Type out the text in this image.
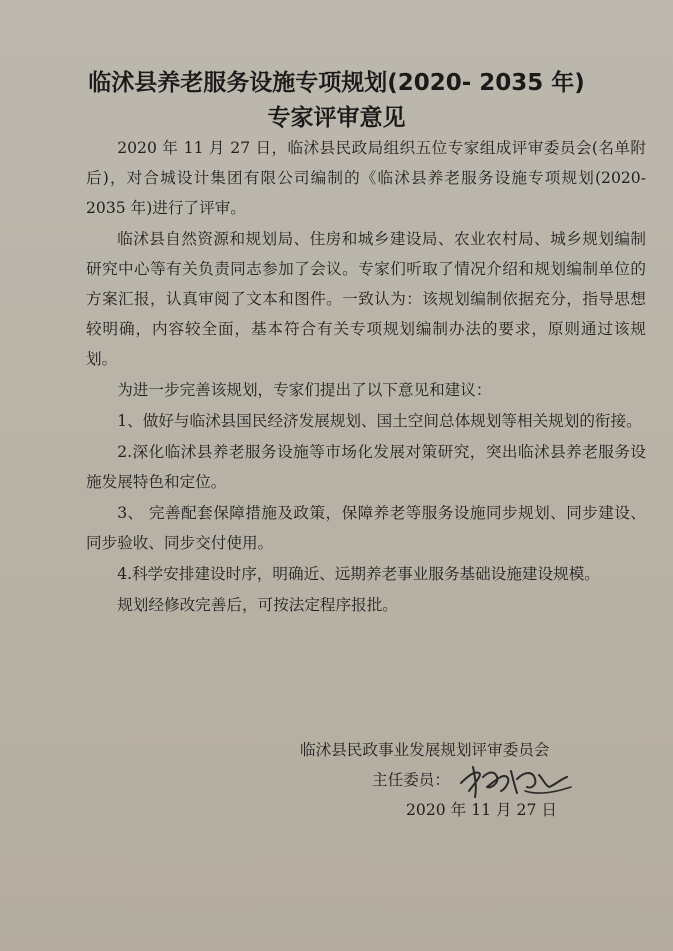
临沭县养老服务设施专项规划(2020- 2035 年)
专家评审意见

2020 年 11 月 27 日，临沭县民政局组织五位专家组成评审委员会(名单附后)，对合城设计集团有限公司编制的《临沭县养老服务设施专项规划(2020-2035 年)进行了评审。

临沭县自然资源和规划局、住房和城乡建设局、农业农村局、城乡规划编制研究中心等有关负责同志参加了会议。专家们听取了情况介绍和规划编制单位的方案汇报，认真审阅了文本和图件。一致认为：该规划编制依据充分，指导思想较明确，内容较全面，基本符合有关专项规划编制办法的要求，原则通过该规划。

为进一步完善该规划，专家们提出了以下意见和建议：

1、做好与临沭县国民经济发展规划、国土空间总体规划等相关规划的衔接。

2.深化临沭县养老服务设施等市场化发展对策研究，突出临沭县养老服务设施发展特色和定位。

3、 完善配套保障措施及政策，保障养老等服务设施同步规划、同步建设、同步验收、同步交付使用。

4.科学安排建设时序，明确近、远期养老事业服务基础设施建设规模。

规划经修改完善后，可按法定程序报批。

临沭县民政事业发展规划评审委员会
主任委员：
2020 年 11 月 27 日
